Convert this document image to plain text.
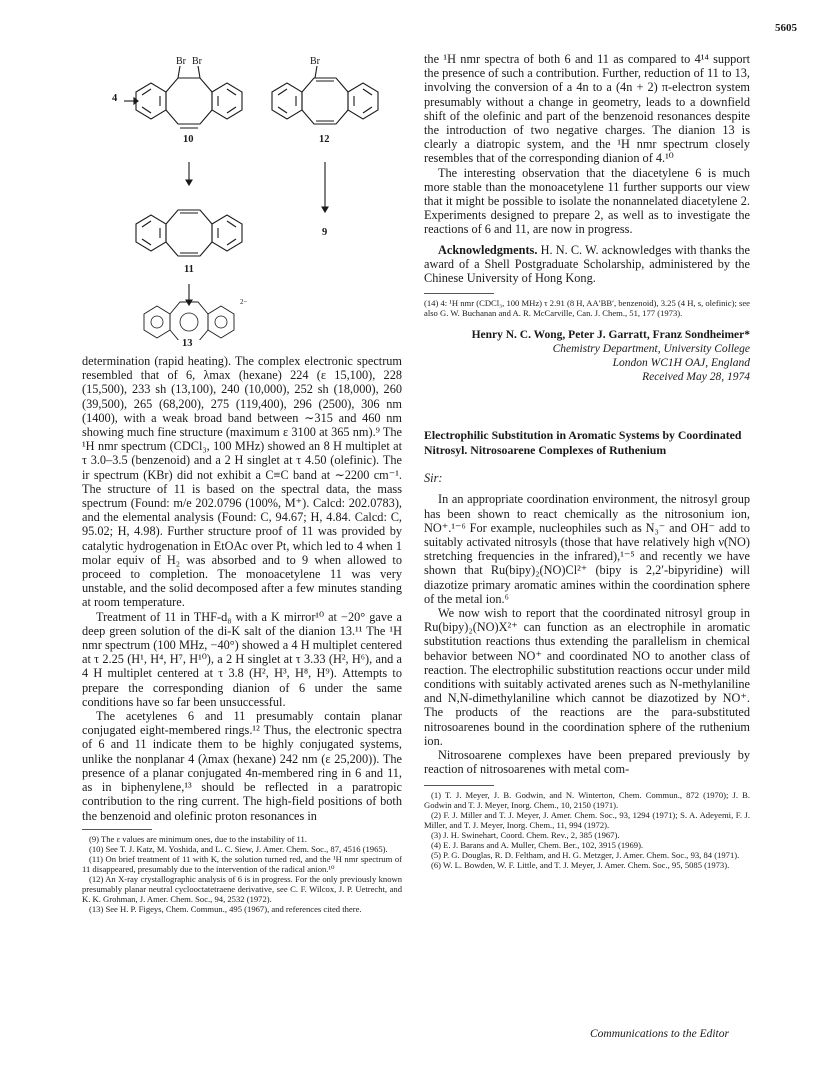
5605
Br Br	Br
4
10	12
9
11
2−
13

determination (rapid heating). The complex electronic spectrum resembled that of 6, λmax (hexane) 224 (ε 15,100), 228 (15,500), 233 sh (13,100), 240 (10,000), 252 sh (18,000), 260 (39,500), 265 (68,200), 275 (119,400), 296 (2500), 306 nm (1400), with a weak broad band between ∼315 and 460 nm showing much fine structure (maximum ε 3100 at 365 nm).⁹ The ¹H nmr spectrum (CDCl₃, 100 MHz) showed an 8 H multiplet at τ 3.0–3.5 (benzenoid) and a 2 H singlet at τ 4.50 (olefinic). The ir spectrum (KBr) did not exhibit a C≡C band at ∼2200 cm⁻¹. The structure of 11 is based on the spectral data, the mass spectrum (Found: m/e 202.0796 (100%, M⁺). Calcd: 202.0783), and the elemental analysis (Found: C, 94.67; H, 4.84. Calcd: C, 95.02; H, 4.98). Further structure proof of 11 was provided by catalytic hydrogenation in EtOAc over Pt, which led to 4 when 1 molar equiv of H₂ was absorbed and to 9 when allowed to proceed to completion. The monoacetylene 11 was very unstable, and the solid decomposed after a few minutes standing at room temperature.

Treatment of 11 in THF-d₈ with a K mirror¹⁰ at −20° gave a deep green solution of the di-K salt of the dianion 13.¹¹ The ¹H nmr spectrum (100 MHz, −40°) showed a 4 H multiplet centered at τ 2.25 (H¹, H⁴, H⁷, H¹⁰), a 2 H singlet at τ 3.33 (H², H⁶), and a 4 H multiplet centered at τ 3.8 (H², H³, H⁸, H⁹). Attempts to prepare the corresponding dianion of 6 under the same conditions have so far been unsuccessful.

The acetylenes 6 and 11 presumably contain planar conjugated eight-membered rings.¹² Thus, the electronic spectra of 6 and 11 indicate them to be highly conjugated systems, unlike the nonplanar 4 (λmax (hexane) 242 nm (ε 25,200)). The presence of a planar conjugated 4n-membered ring in 6 and 11, as in biphenylene,¹³ should be reflected in a paratropic contribution to the ring current. The high-field positions of both the benzenoid and olefinic proton resonances in

(9) The ε values are minimum ones, due to the instability of 11.

(10) See T. J. Katz, M. Yoshida, and L. C. Siew, J. Amer. Chem. Soc., 87, 4516 (1965).

(11) On brief treatment of 11 with K, the solution turned red, and the ¹H nmr spectrum of 11 disappeared, presumably due to the intervention of the radical anion.¹⁰

(12) An X-ray crystallographic analysis of 6 is in progress. For the only previously known presumably planar neutral cyclooctatetraene derivative, see C. F. Wilcox, J. P. Uetrecht, and K. K. Grohman, J. Amer. Chem. Soc., 94, 2532 (1972).

(13) See H. P. Figeys, Chem. Commun., 495 (1967), and references cited there.

the ¹H nmr spectra of both 6 and 11 as compared to 4¹⁴ support the presence of such a contribution. Further, reduction of 11 to 13, involving the conversion of a 4n to a (4n + 2) π-electron system presumably without a change in geometry, leads to a downfield shift of the olefinic and part of the benzenoid resonances despite the introduction of two negative charges. The dianion 13 is clearly a diatropic system, and the ¹H nmr spectrum closely resembles that of the corresponding dianion of 4.¹⁰

The interesting observation that the diacetylene 6 is much more stable than the monoacetylene 11 further supports our view that it might be possible to isolate the nonannelated diacetylene 2. Experiments designed to prepare 2, as well as to investigate the reactions of 6 and 11, are now in progress.

Acknowledgments. H. N. C. W. acknowledges with thanks the award of a Shell Postgraduate Scholarship, administered by the Chinese University of Hong Kong.

(14) 4: ¹H nmr (CDCl₃, 100 MHz) τ 2.91 (8 H, AA′BB′, benzenoid), 3.25 (4 H, s, olefinic); see also G. W. Buchanan and A. R. McCarville, Can. J. Chem., 51, 177 (1973).
Henry N. C. Wong, Peter J. Garratt, Franz Sondheimer*
Chemistry Department, University College
London WC1H OAJ, England
Received May 28, 1974
Electrophilic Substitution in Aromatic Systems by Coordinated Nitrosyl. Nitrosoarene Complexes of Ruthenium
Sir:

In an appropriate coordination environment, the nitrosyl group has been shown to react chemically as the nitrosonium ion, NO⁺.¹⁻⁶ For example, nucleophiles such as N₃⁻ and OH⁻ add to suitably activated nitrosyls (those that have relatively high ν(NO) stretching frequencies in the infrared),¹⁻⁵ and recently we have shown that Ru(bipy)₂(NO)Cl²⁺ (bipy is 2,2′-bipyridine) will diazotize primary aromatic amines within the coordination sphere of the metal ion.⁶

We now wish to report that the coordinated nitrosyl group in Ru(bipy)₂(NO)X²⁺ can function as an electrophile in aromatic substitution reactions thus extending the parallelism in chemical behavior between NO⁺ and coordinated NO to another class of reaction. The electrophilic substitution reactions occur under mild conditions with suitably activated arenes such as N-methylaniline and N,N-dimethylaniline which cannot be diazotized by NO⁺. The products of the reactions are the para-substituted nitrosoarenes bound in the coordination sphere of the ruthenium ion.

Nitrosoarene complexes have been prepared previously by reaction of nitrosoarenes with metal com-

(1) T. J. Meyer, J. B. Godwin, and N. Winterton, Chem. Commun., 872 (1970); J. B. Godwin and T. J. Meyer, Inorg. Chem., 10, 2150 (1971).

(2) F. J. Miller and T. J. Meyer, J. Amer. Chem. Soc., 93, 1294 (1971); S. A. Adeyemi, F. J. Miller, and T. J. Meyer, Inorg. Chem., 11, 994 (1972).

(3) J. H. Swinehart, Coord. Chem. Rev., 2, 385 (1967).

(4) E. J. Barans and A. Muller, Chem. Ber., 102, 3915 (1969).

(5) P. G. Douglas, R. D. Feltham, and H. G. Metzger, J. Amer. Chem. Soc., 93, 84 (1971).

(6) W. L. Bowden, W. F. Little, and T. J. Meyer, J. Amer. Chem. Soc., 95, 5085 (1973).

Communications to the Editor
